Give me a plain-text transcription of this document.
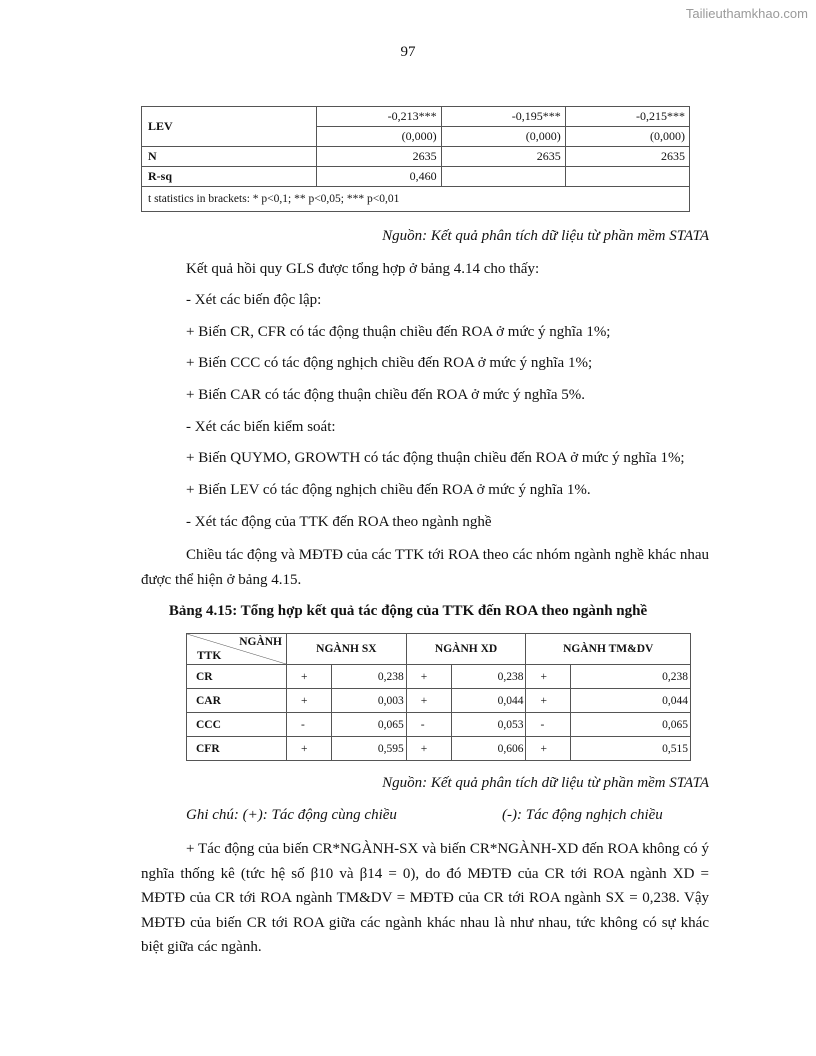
Tailieuthamkhao.com
97
LEV	-0,213***	-0,195***	-0,215***
	(0,000)	(0,000)	(0,000)
N	2635	2635	2635
R-sq	0,460		
t statistics in brackets: * p<0,1; ** p<0,05; *** p<0,01			
Nguồn: Kết quả phân tích dữ liệu từ phần mềm STATA
Kết quả hồi quy GLS được tổng hợp ở bảng 4.14 cho thấy:
- Xét các biến độc lập:
+ Biến CR, CFR có tác động thuận chiều đến ROA ở mức ý nghĩa 1%;
+ Biến CCC có tác động nghịch chiều đến ROA ở mức ý nghĩa 1%;
+ Biến CAR có tác động thuận chiều đến ROA ở mức ý nghĩa 5%.
- Xét các biến kiểm soát:
+ Biến QUYMO, GROWTH có tác động thuận chiều đến ROA ở mức ý nghĩa 1%;
+ Biến LEV có tác động nghịch chiều đến ROA ở mức ý nghĩa 1%.
- Xét tác động của TTK đến ROA theo ngành nghề
Chiều tác động và MĐTĐ của các TTK tới ROA theo các nhóm ngành nghề khác nhau được thể hiện ở bảng 4.15.
Bảng 4.15: Tổng hợp kết quả tác động của TTK đến ROA theo ngành nghề
NGÀNH
TTK	NGÀNH SX		NGÀNH XD		NGÀNH TM&DV	
CR	+	0,238	+	0,238	+	0,238
CAR	+	0,003	+	0,044	+	0,044
CCC	-	0,065	-	0,053	-	0,065
CFR	+	0,595	+	0,606	+	0,515
Nguồn: Kết quả phân tích dữ liệu từ phần mềm STATA
Ghi chú: (+): Tác động cùng chiều	(-): Tác động nghịch chiều
+ Tác động của biến CR*NGÀNH-SX và biến CR*NGÀNH-XD đến ROA không có ý nghĩa thống kê (tức hệ số β10 và β14 = 0), do đó MĐTĐ của CR tới ROA ngành XD = MĐTĐ của CR tới ROA ngành TM&DV = MĐTĐ của CR tới ROA ngành SX = 0,238. Vậy MĐTĐ của biến CR tới ROA giữa các ngành khác nhau là như nhau, tức không có sự khác biệt giữa các ngành.
